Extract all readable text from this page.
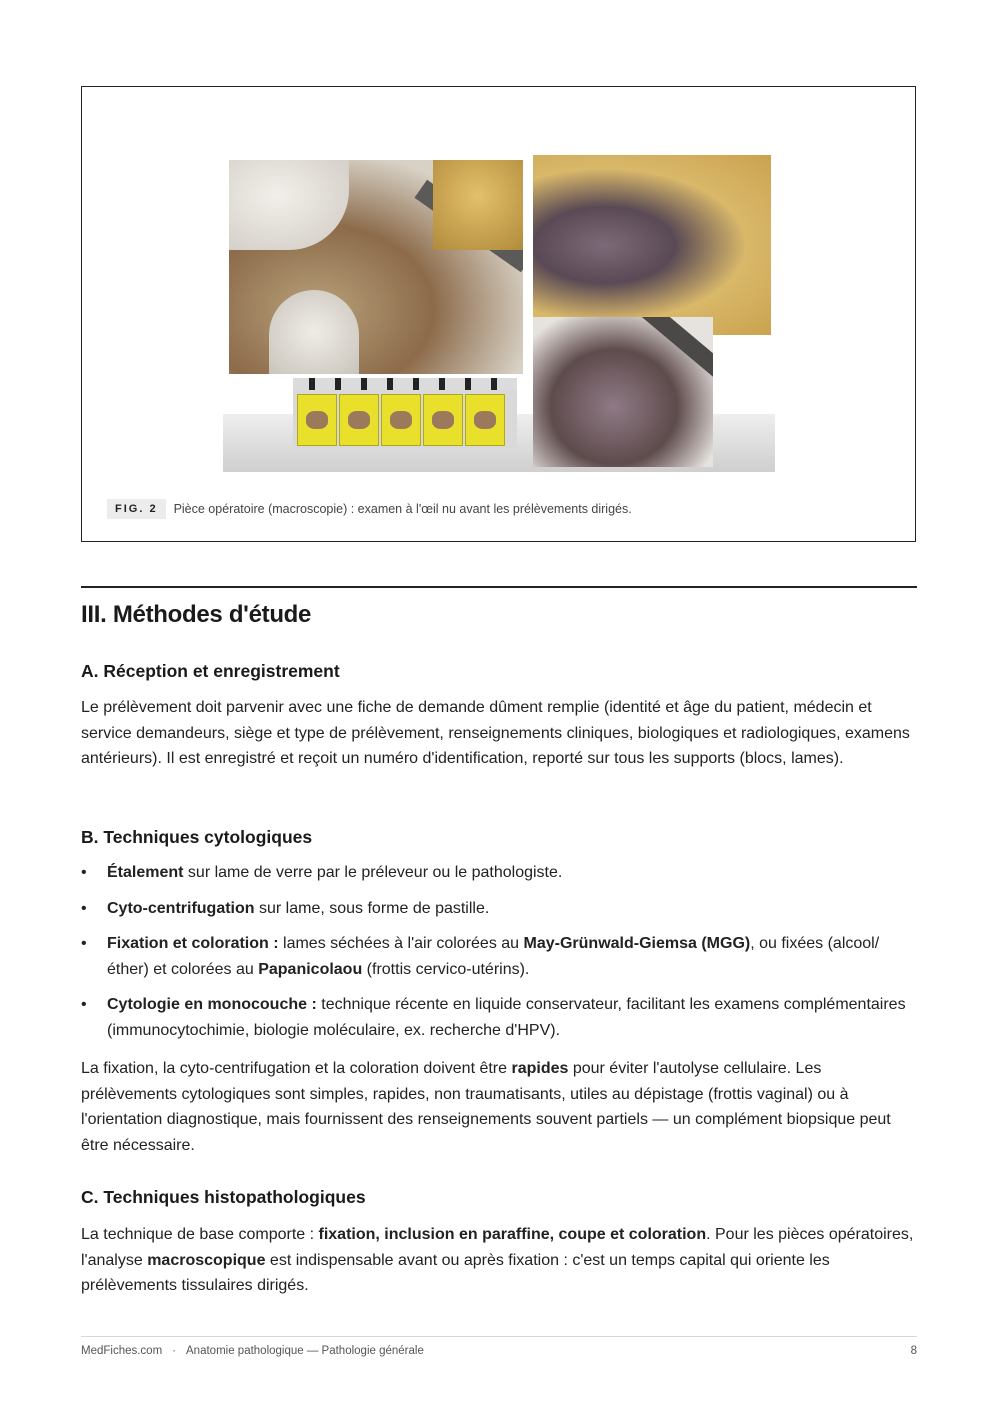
FIG. 2	Pièce opératoire (macroscopie) : examen à l'œil nu avant les prélèvements dirigés.
III. Méthodes d'étude
A. Réception et enregistrement

Le prélèvement doit parvenir avec une fiche de demande dûment remplie (identité et âge du patient, médecin et service demandeurs, siège et type de prélèvement, renseignements cliniques, biologiques et radiologiques, examens antérieurs). Il est enregistré et reçoit un numéro d'identification, reporté sur tous les supports (blocs, lames).

B. Techniques cytologiques
• Étalement sur lame de verre par le préleveur ou le pathologiste.
• Cyto-centrifugation sur lame, sous forme de pastille.
• Fixation et coloration : lames séchées à l'air colorées au May-Grünwald-Giemsa (MGG), ou fixées (alcool/éther) et colorées au Papanicolaou (frottis cervico-utérins).
• Cytologie en monocouche : technique récente en liquide conservateur, facilitant les examens complémentaires (immunocytochimie, biologie moléculaire, ex. recherche d'HPV).

La fixation, la cyto-centrifugation et la coloration doivent être rapides pour éviter l'autolyse cellulaire. Les prélèvements cytologiques sont simples, rapides, non traumatisants, utiles au dépistage (frottis vaginal) ou à l'orientation diagnostique, mais fournissent des renseignements souvent partiels — un complément biopsique peut être nécessaire.

C. Techniques histopathologiques

La technique de base comporte : fixation, inclusion en paraffine, coupe et coloration. Pour les pièces opératoires, l'analyse macroscopique est indispensable avant ou après fixation : c'est un temps capital qui oriente les prélèvements tissulaires dirigés.

MedFiches.com · Anatomie pathologique — Pathologie générale	8
